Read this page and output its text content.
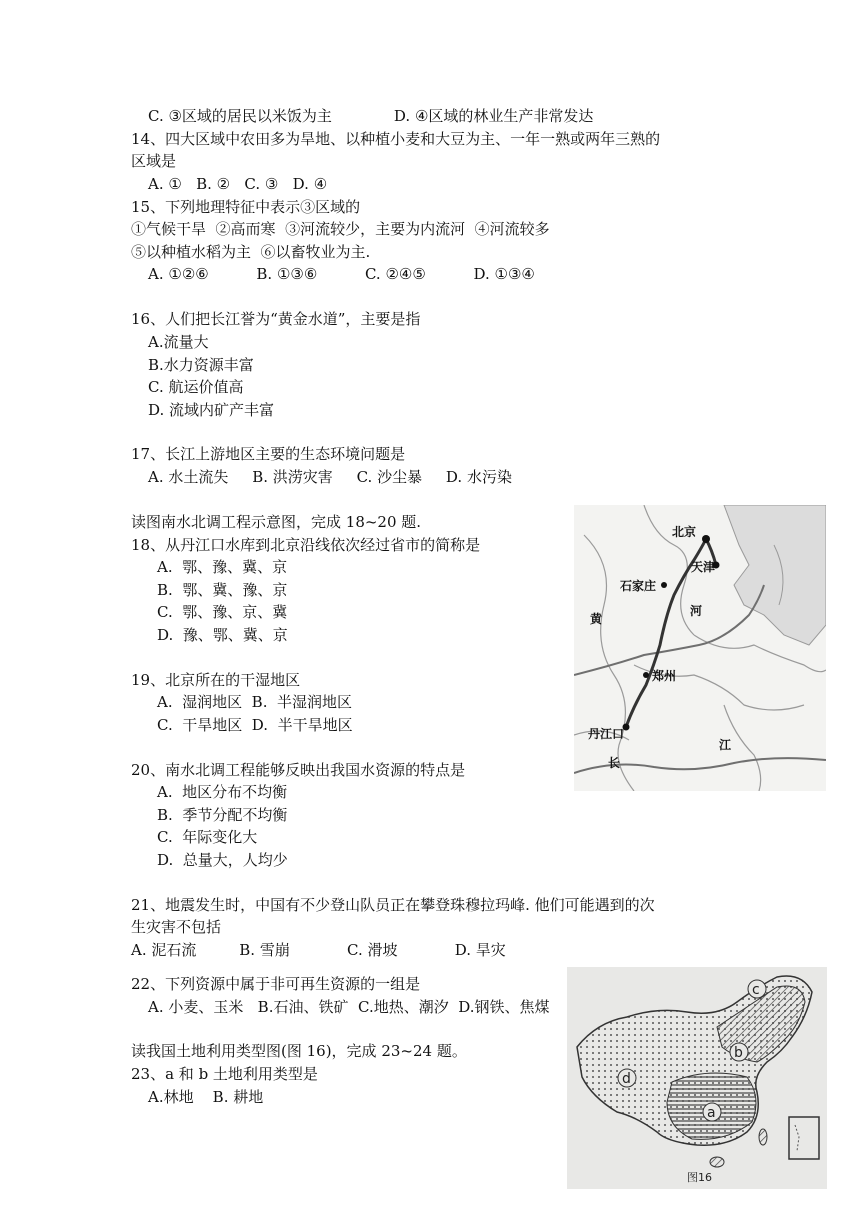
C. ③区域的居民以米饭为主             D. ④区域的林业生产非常发达
14、四大区域中农田多为旱地、以种植小麦和大豆为主、一年一熟或两年三熟的
区域是
A. ①   B. ②   C. ③   D. ④
15、下列地理特征中表示③区域的
①气候干旱  ②高而寒  ③河流较少，主要为内流河  ④河流较多
⑤以种植水稻为主  ⑥以畜牧业为主.
A. ①②⑥          B. ①③⑥          C. ②④⑤          D. ①③④
16、人们把长江誉为“黄金水道”，主要是指
A.流量大
B.水力资源丰富
C. 航运价值高
D. 流域内矿产丰富
17、长江上游地区主要的生态环境问题是
A. 水土流失     B. 洪涝灾害     C. 沙尘暴     D. 水污染
读图南水北调工程示意图，完成 18~20 题.
18、从丹江口水库到北京沿线依次经过省市的简称是
A.  鄂、豫、冀、京
B.  鄂、冀、豫、京
C.  鄂、豫、京、冀
D.  豫、鄂、冀、京
19、北京所在的干湿地区
A.  湿润地区  B.  半湿润地区
C.  干旱地区  D.  半干旱地区
20、南水北调工程能够反映出我国水资源的特点是
A.  地区分布不均衡
B.  季节分配不均衡
C.  年际变化大
D.  总量大，人均少
21、地震发生时，中国有不少登山队员正在攀登珠穆拉玛峰. 他们可能遇到的次
生灾害不包括
A. 泥石流         B. 雪崩            C. 滑坡            D. 旱灾
22、下列资源中属于非可再生资源的一组是
A. 小麦、玉米   B.石油、铁矿  C.地热、潮汐  D.钢铁、焦煤
读我国土地利用类型图(图 16)，完成 23~24 题。
23、a 和 b 土地利用类型是
A.林地    B. 耕地
北京
天津
石家庄
河
黄
郑州
丹江口
长
江
c
b
a
d
图16
